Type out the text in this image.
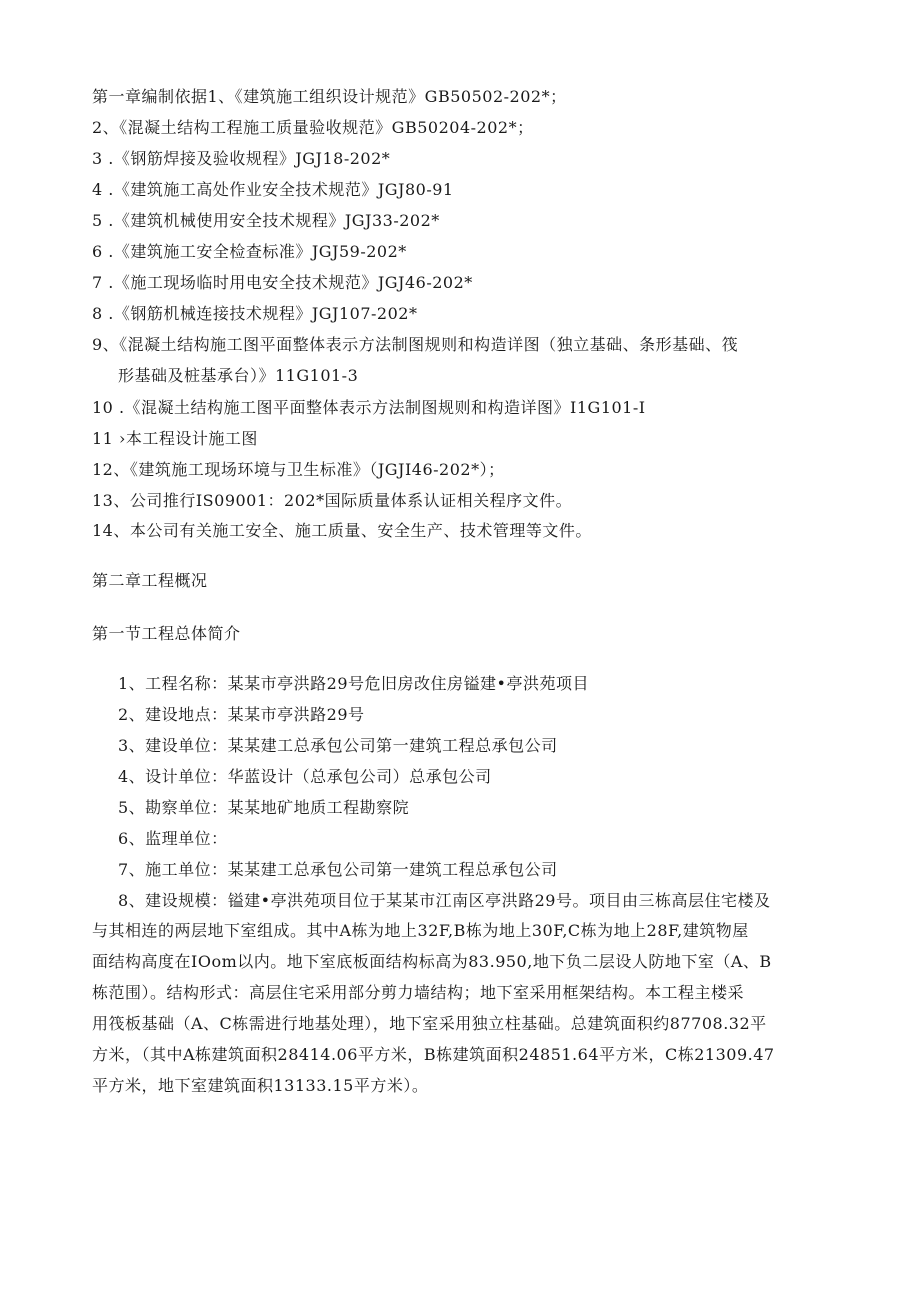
第一章编制依据1、《建筑施工组织设计规范》GB50502-202*；
2、《混凝土结构工程施工质量验收规范》GB50204-202*；
3 .《钢筋焊接及验收规程》JGJ18-202*
4 .《建筑施工高处作业安全技术规范》JGJ80-91
5 .《建筑机械使用安全技术规程》JGJ33-202*
6 .《建筑施工安全检查标准》JGJ59-202*
7 .《施工现场临时用电安全技术规范》JGJ46-202*
8 .《钢筋机械连接技术规程》JGJ107-202*
9、《混凝土结构施工图平面整体表示方法制图规则和构造详图（独立基础、条形基础、筏
形基础及桩基承台）》11G101-3
10 .《混凝土结构施工图平面整体表示方法制图规则和构造详图》I1G101-I
11 ›本工程设计施工图
12、《建筑施工现场环境与卫生标准》（JGJI46-202*）；
13、公司推行IS09001：202*国际质量体系认证相关程序文件。
14、本公司有关施工安全、施工质量、安全生产、技术管理等文件。
第二章工程概况
第一节工程总体简介
1、工程名称：某某市亭洪路29号危旧房改住房镒建•亭洪苑项目
2、建设地点：某某市亭洪路29号
3、建设单位：某某建工总承包公司第一建筑工程总承包公司
4、设计单位：华蓝设计（总承包公司）总承包公司
5、勘察单位：某某地矿地质工程勘察院
6、监理单位：
7、施工单位：某某建工总承包公司第一建筑工程总承包公司
8、建设规模：镒建•亭洪苑项目位于某某市江南区亭洪路29号。项目由三栋高层住宅楼及
与其相连的两层地下室组成。其中A栋为地上32F,B栋为地上30F,C栋为地上28F,建筑物屋
面结构高度在IOom以内。地下室底板面结构标高为83.950,地下负二层设人防地下室（A、B
栋范围）。结构形式：高层住宅采用部分剪力墙结构；地下室采用框架结构。本工程主楼采
用筏板基础（A、C栋需进行地基处理），地下室采用独立柱基础。总建筑面积约87708.32平
方米，（其中A栋建筑面积28414.06平方米，B栋建筑面积24851.64平方米，C栋21309.47
平方米，地下室建筑面积13133.15平方米）。
